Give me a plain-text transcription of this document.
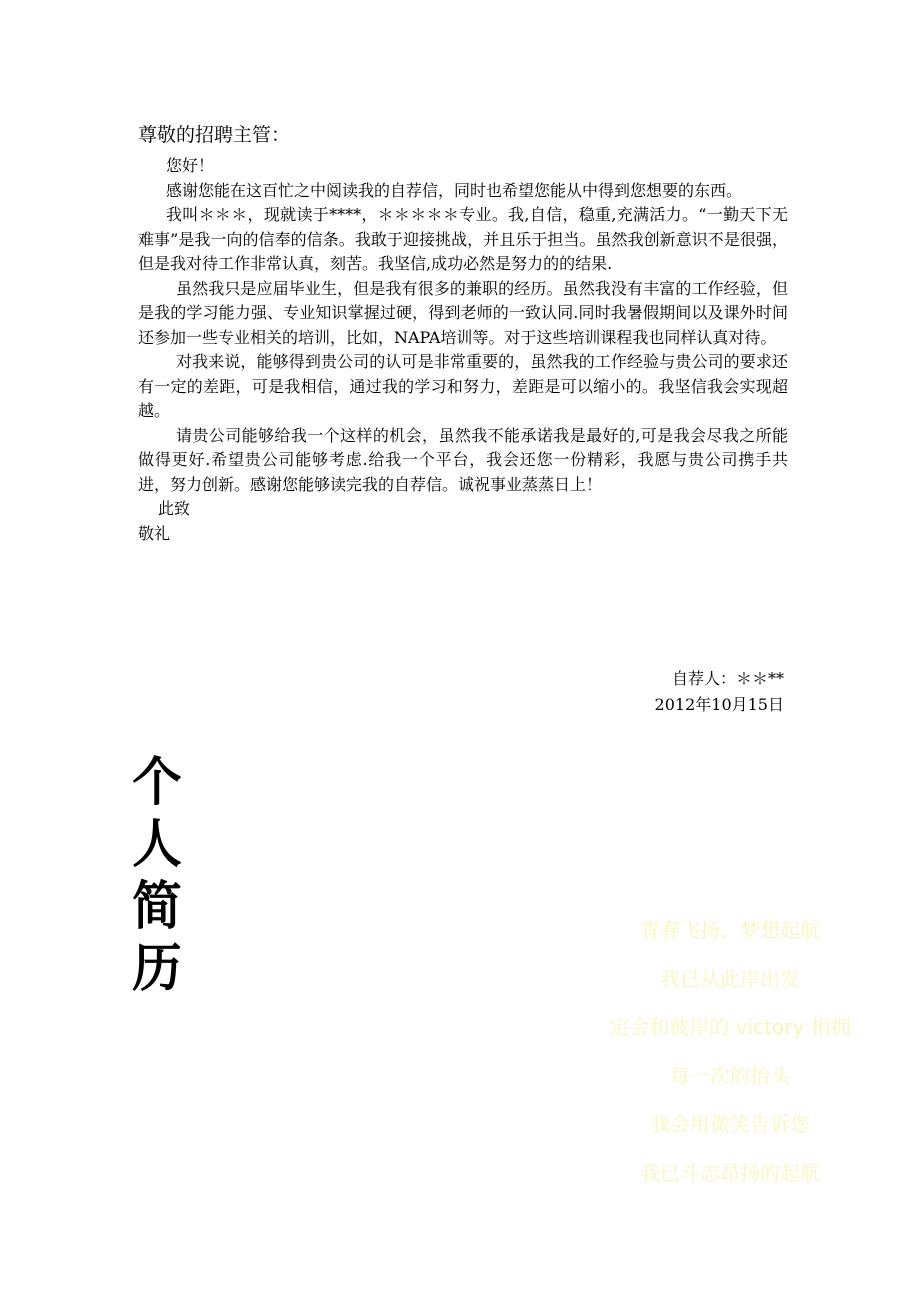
尊敬的招聘主管：

您好！

感谢您能在这百忙之中阅读我的自荐信，同时也希望您能从中得到您想要的东西。

我叫＊＊＊，现就读于****，＊＊＊＊＊专业。我,自信，稳重,充满活力。“一勤天下无难事”是我一向的信奉的信条。我敢于迎接挑战，并且乐于担当。虽然我创新意识不是很强，但是我对待工作非常认真，刻苦。我坚信,成功必然是努力的的结果.

虽然我只是应届毕业生，但是我有很多的兼职的经历。虽然我没有丰富的工作经验，但是我的学习能力强、专业知识掌握过硬，得到老师的一致认同.同时我暑假期间以及课外时间还参加一些专业相关的培训，比如，NAPA培训等。对于这些培训课程我也同样认真对待。

对我来说，能够得到贵公司的认可是非常重要的，虽然我的工作经验与贵公司的要求还有一定的差距，可是我相信，通过我的学习和努力，差距是可以缩小的。我坚信我会实现超越。

请贵公司能够给我一个这样的机会，虽然我不能承诺我是最好的,可是我会尽我之所能做得更好.希望贵公司能够考虑.给我一个平台，我会还您一份精彩，我愿与贵公司携手共进，努力创新。感谢您能够读完我的自荐信。诚祝事业蒸蒸日上！

此致
敬礼
自荐人：＊＊**
2012年10月15日
个
人
简
历
青春飞扬，梦想起航
我已从此岸出发
定会和彼岸的 victory 相拥
每一次的抬头
我会用微笑告诉您
我已斗志昂扬的起航
